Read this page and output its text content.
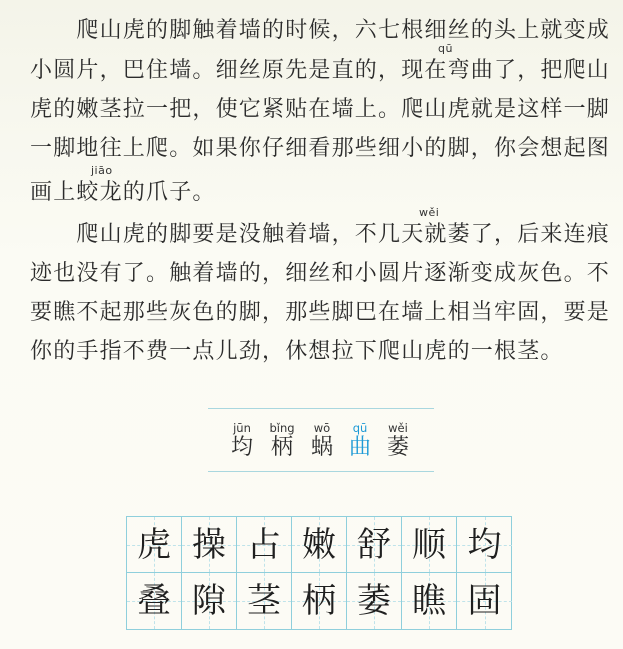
　　爬山虎的脚触着墙的时候，六七根细丝的头上就变成
小圆片，巴住墙。细丝原先是直的，现在弯曲了，把爬山
虎的嫩茎拉一把，使它紧贴在墙上。爬山虎就是这样一脚
一脚地往上爬。如果你仔细看那些细小的脚，你会想起图
画上蛟龙的爪子。
　　爬山虎的脚要是没触着墙，不几天就萎了，后来连痕
迹也没有了。触着墙的，细丝和小圆片逐渐变成灰色。不
要瞧不起那些灰色的脚，那些脚巴在墙上相当牢固，要是
你的手指不费一点儿劲，休想拉下爬山虎的一根茎。
qū
jiāo
wěi
jūn
均
bǐng
柄
wō
蜗
qū
曲
wěi
萎
虎 操 占 嫩 舒 顺 均
叠 隙 茎 柄 萎 瞧 固
